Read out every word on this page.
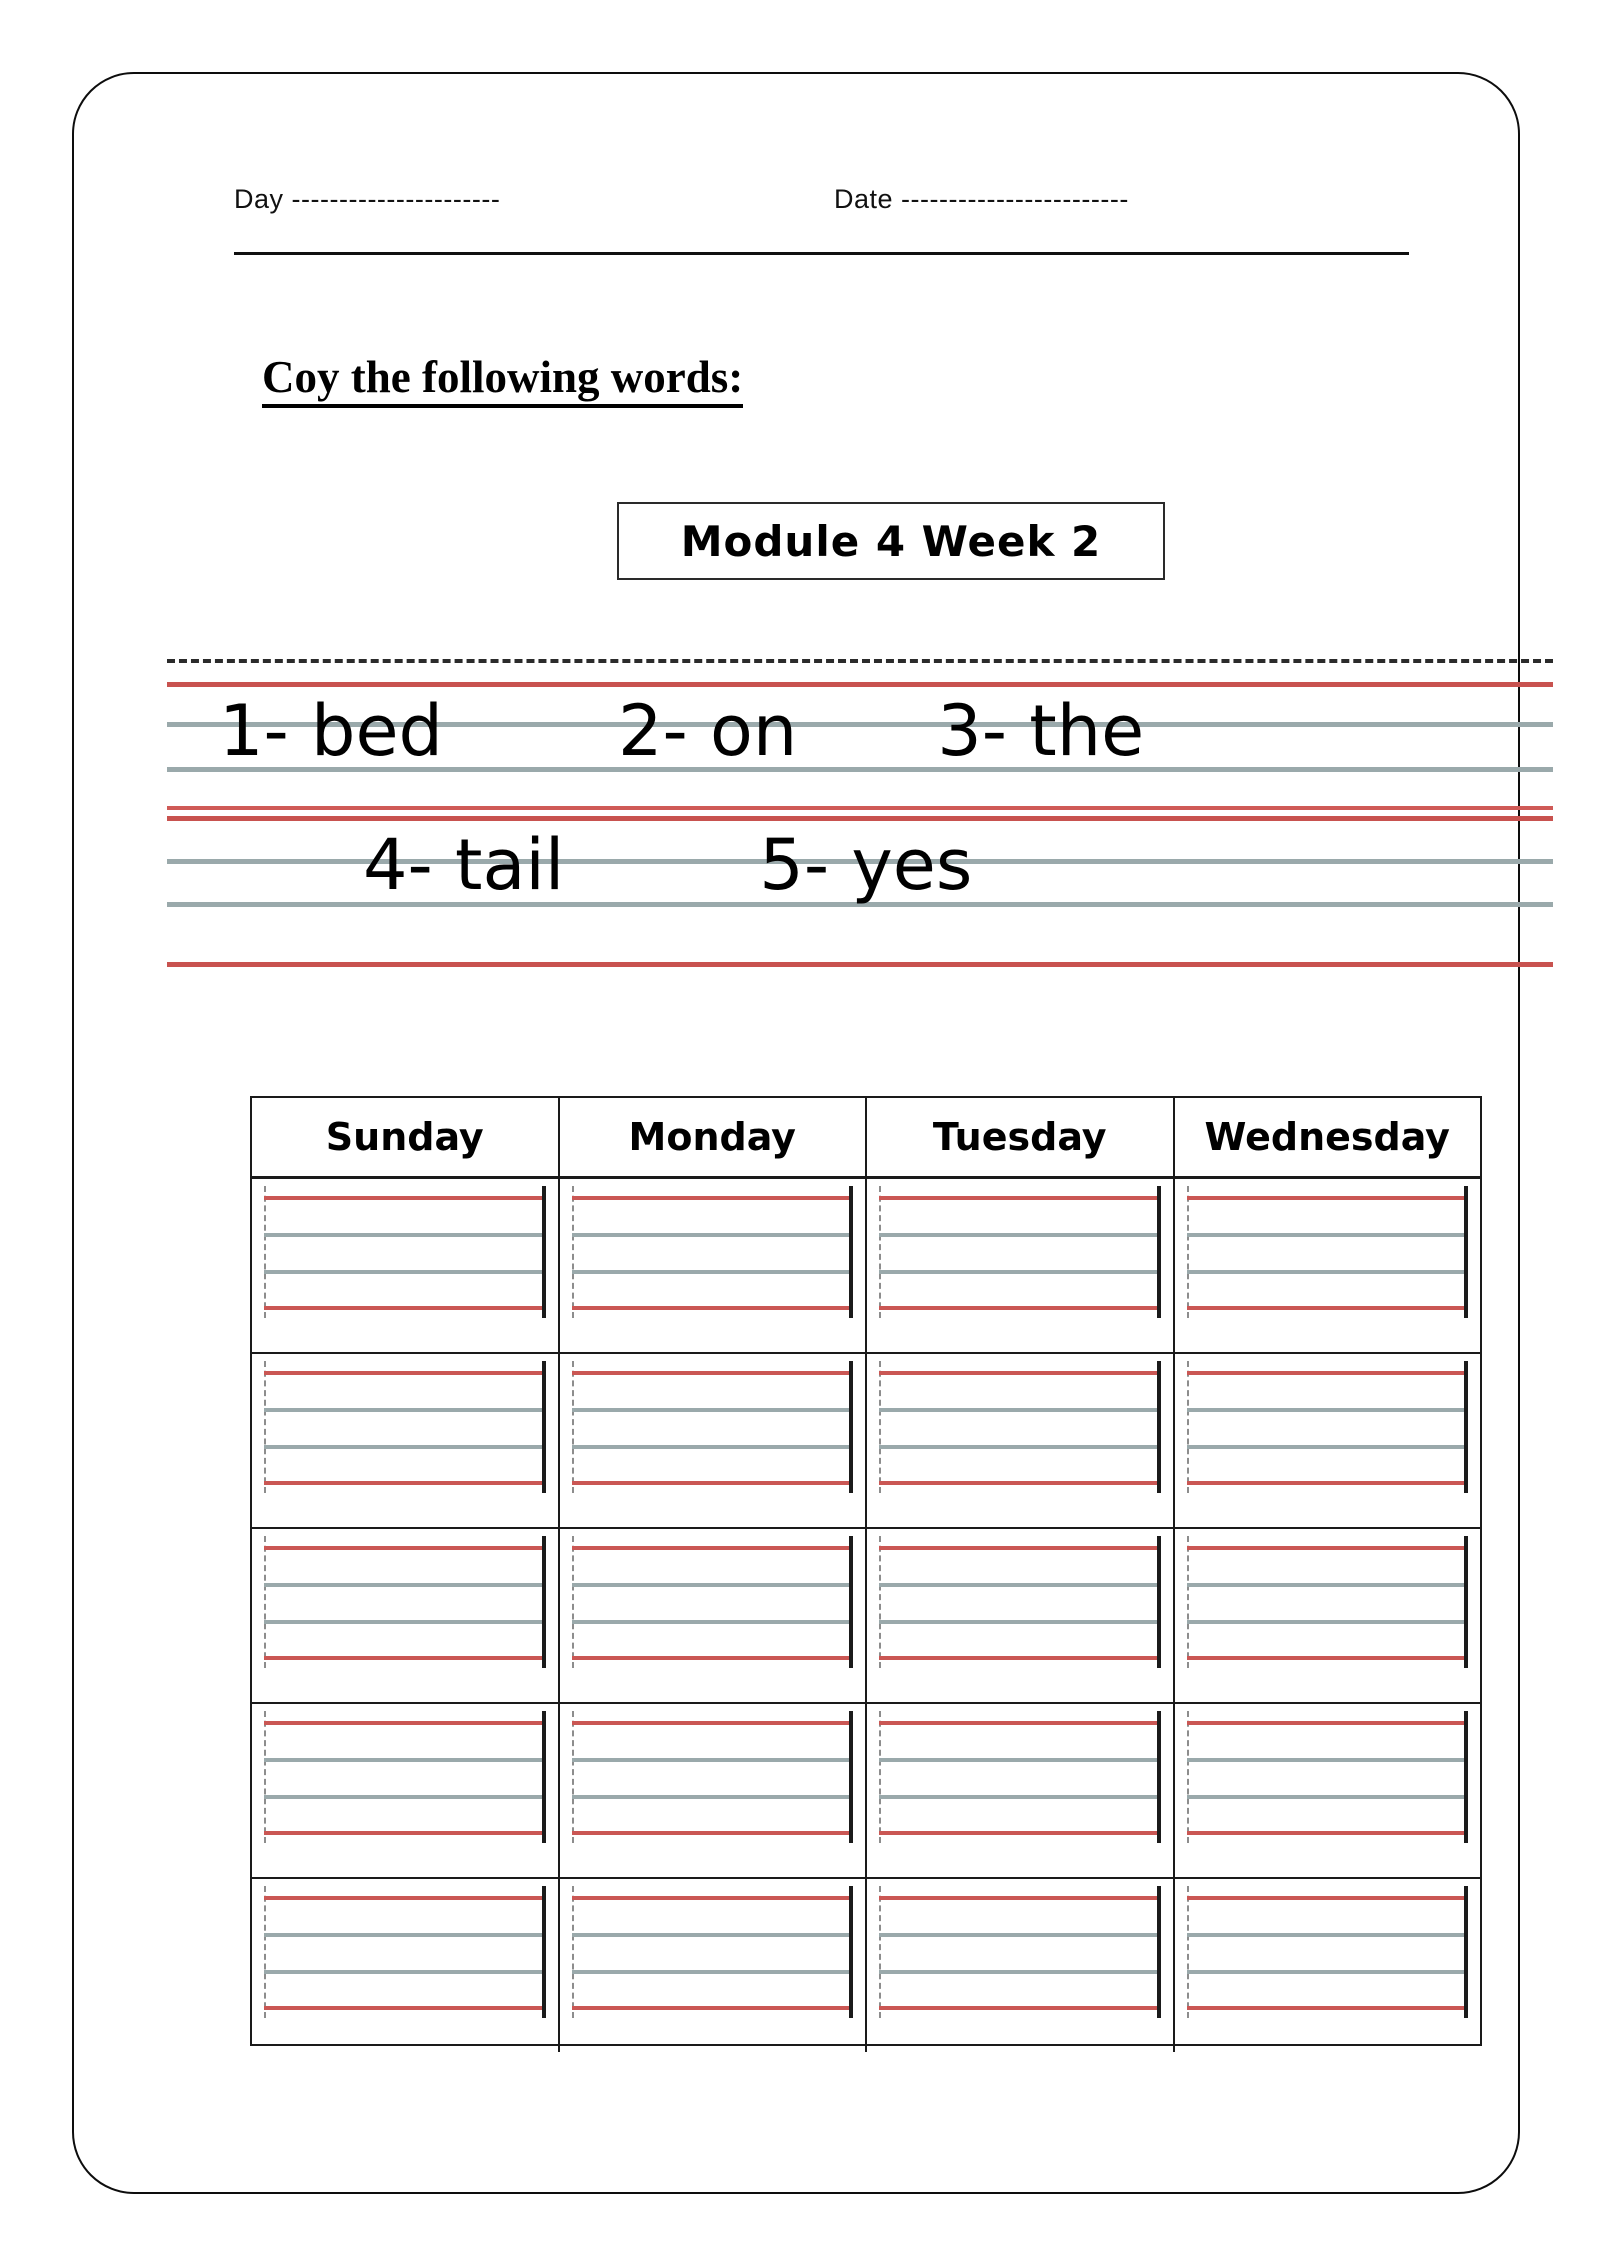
Day ----------------------	Date ------------------------
Coy the following words:
Module 4 Week 2
1- bed	2- on 3- the
4- tail	5- yes
Sunday	Monday	Tuesday	Wednesday
